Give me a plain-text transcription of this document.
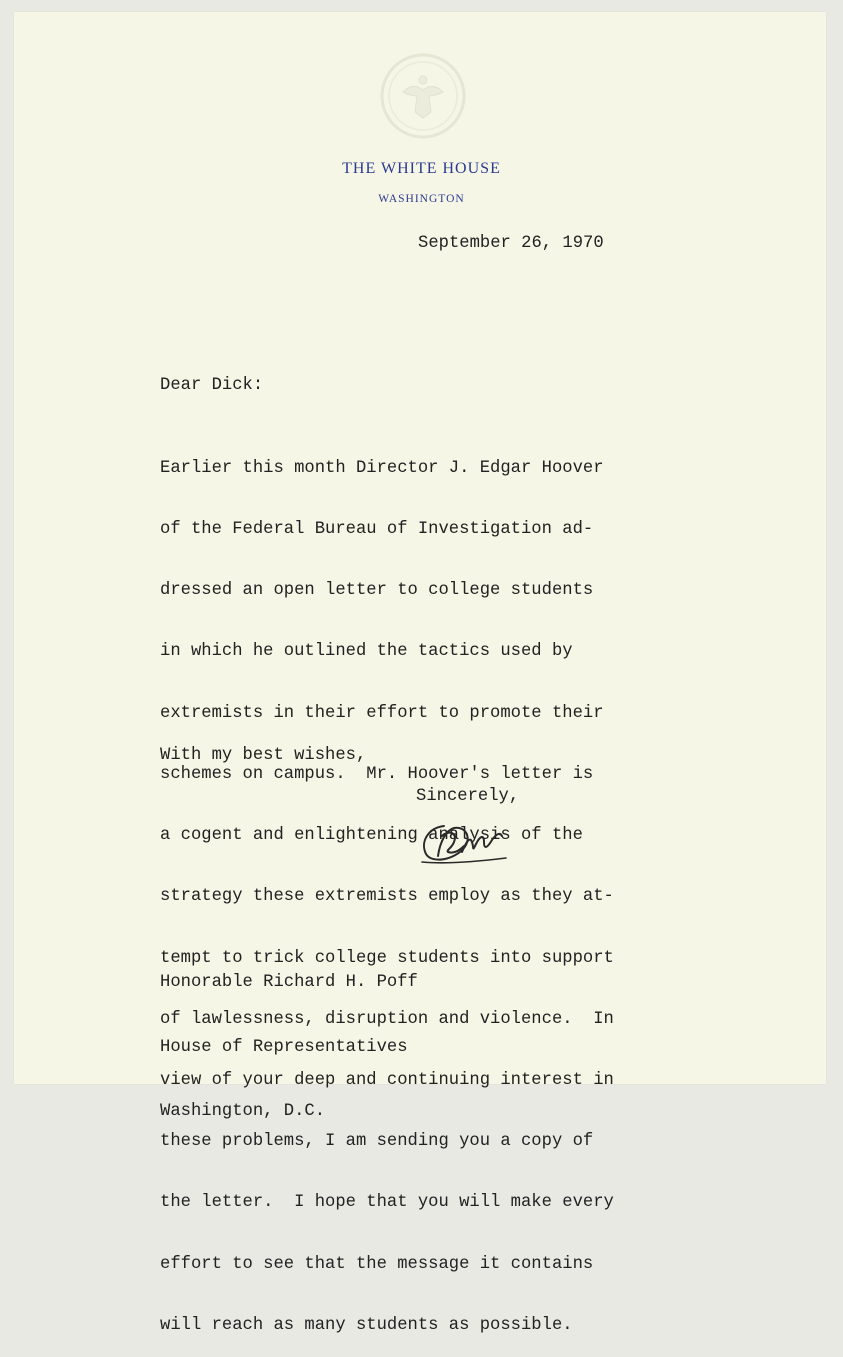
THE WHITE HOUSE
WASHINGTON
September 26, 1970
Dear Dick:

Earlier this month Director J. Edgar Hoover

of the Federal Bureau of Investigation ad-

dressed an open letter to college students

in which he outlined the tactics used by

extremists in their effort to promote their

schemes on campus.  Mr. Hoover's letter is

a cogent and enlightening analysis of the

strategy these extremists employ as they at-

tempt to trick college students into support

of lawlessness, disruption and violence.  In

view of your deep and continuing interest in

these problems, I am sending you a copy of

the letter.  I hope that you will make every

effort to see that the message it contains

will reach as many students as possible.

With my best wishes,
Sincerely,

Honorable Richard H. Poff

House of Representatives

Washington, D.C.
